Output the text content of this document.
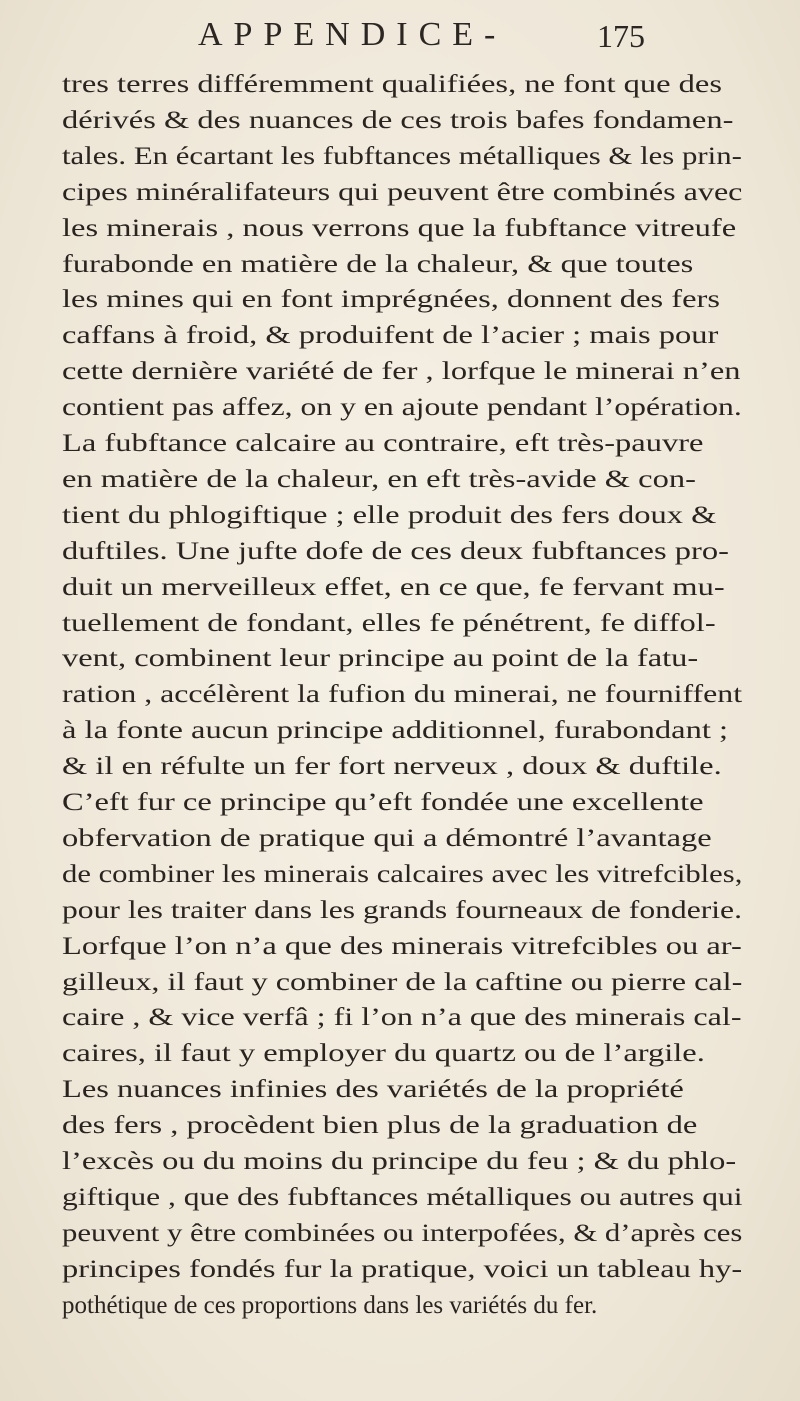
APPENDICE-	175
tres terres différemment qualifiées, ne font que des
dérivés & des nuances de ces trois bafes fondamen-
tales. En écartant les fubftances métalliques & les prin-
cipes minéralifateurs qui peuvent être combinés avec
les minerais , nous verrons que la fubftance vitreufe
furabonde en matière de la chaleur, & que toutes
les mines qui en font imprégnées, donnent des fers
caffans à froid, & produifent de l’acier ; mais pour
cette dernière variété de fer , lorfque le minerai n’en
contient pas affez, on y en ajoute pendant l’opération.
La fubftance calcaire au contraire, eft très-pauvre
en matière de la chaleur, en eft très-avide & con-
tient du phlogiftique ; elle produit des fers doux &
duftiles. Une jufte dofe de ces deux fubftances pro-
duit un merveilleux effet, en ce que, fe fervant mu-
tuellement de fondant, elles fe pénétrent, fe diffol-
vent, combinent leur principe au point de la fatu-
ration , accélèrent la fufion du minerai, ne fourniffent
à la fonte aucun principe additionnel, furabondant ;
& il en réfulte un fer fort nerveux , doux & duftile.
C’eft fur ce principe qu’eft fondée une excellente
obfervation de pratique qui a démontré l’avantage
de combiner les minerais calcaires avec les vitrefcibles,
pour les traiter dans les grands fourneaux de fonderie.
Lorfque l’on n’a que des minerais vitrefcibles ou ar-
gilleux, il faut y combiner de la caftine ou pierre cal-
caire , & vice verfâ ; fi l’on n’a que des minerais cal-
caires, il faut y employer du quartz ou de l’argile.
Les nuances infinies des variétés de la propriété
des fers , procèdent bien plus de la graduation de
l’excès ou du moins du principe du feu ; & du phlo-
giftique , que des fubftances métalliques ou autres qui
peuvent y être combinées ou interpofées, & d’après ces
principes fondés fur la pratique, voici un tableau hy-
pothétique de ces proportions dans les variétés du fer.
